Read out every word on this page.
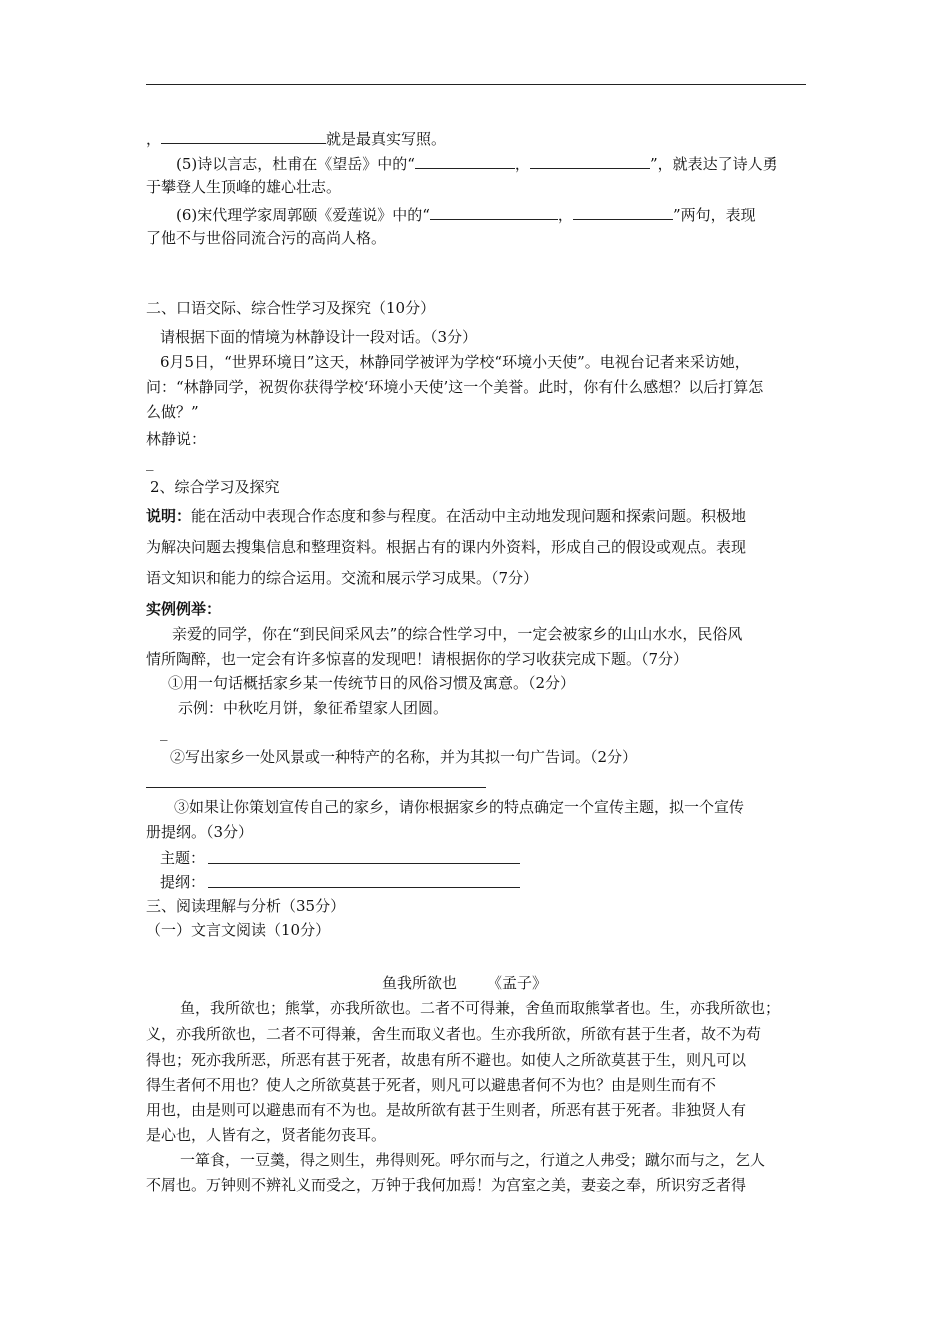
，	就是最真实写照。
(5)诗以言志，杜甫在《望岳》中的“	，	”，就表达了诗人勇
于攀登人生顶峰的雄心壮志。
(6)宋代理学家周郭颐《爱莲说》中的“	，	”两句，表现
了他不与世俗同流合污的高尚人格。
二、口语交际、综合性学习及探究（10分）
请根据下面的情境为林静设计一段对话。（3分）
6月5日，“世界环境日”这天，林静同学被评为学校“环境小天使”。电视台记者来采访她，
问：“林静同学，祝贺你获得学校‘环境小天使’这一个美誉。此时，你有什么感想？以后打算怎
么做？”
林静说：
_
2、综合学习及探究
说明：能在活动中表现合作态度和参与程度。在活动中主动地发现问题和探索问题。积极地
为解决问题去搜集信息和整理资料。根据占有的课内外资料，形成自己的假设或观点。表现
语文知识和能力的综合运用。交流和展示学习成果。（7分）
实例例举：
亲爱的同学，你在“到民间采风去”的综合性学习中，一定会被家乡的山山水水，民俗风
情所陶醉，也一定会有许多惊喜的发现吧！请根据你的学习收获完成下题。（7分）
①用一句话概括家乡某一传统节日的风俗习惯及寓意。（2分）
示例：中秋吃月饼，象征希望家人团圆。
_
②写出家乡一处风景或一种特产的名称，并为其拟一句广告词。（2分）
③如果让你策划宣传自己的家乡，请你根据家乡的特点确定一个宣传主题，拟一个宣传
册提纲。（3分）
主题：
提纲：
三、阅读理解与分析（35分）
（一）文言文阅读（10分）
鱼我所欲也 《孟子》
鱼，我所欲也；熊掌，亦我所欲也。二者不可得兼，舍鱼而取熊掌者也。生，亦我所欲也；
义，亦我所欲也，二者不可得兼，舍生而取义者也。生亦我所欲，所欲有甚于生者，故不为苟
得也；死亦我所恶，所恶有甚于死者，故患有所不避也。如使人之所欲莫甚于生，则凡可以
得生者何不用也？使人之所欲莫甚于死者，则凡可以避患者何不为也？由是则生而有不
用也，由是则可以避患而有不为也。是故所欲有甚于生则者，所恶有甚于死者。非独贤人有
是心也，人皆有之，贤者能勿丧耳。
一箪食，一豆羹，得之则生，弗得则死。呼尔而与之，行道之人弗受；蹴尔而与之，乞人
不屑也。万钟则不辨礼义而受之，万钟于我何加焉！为宫室之美，妻妾之奉，所识穷乏者得
